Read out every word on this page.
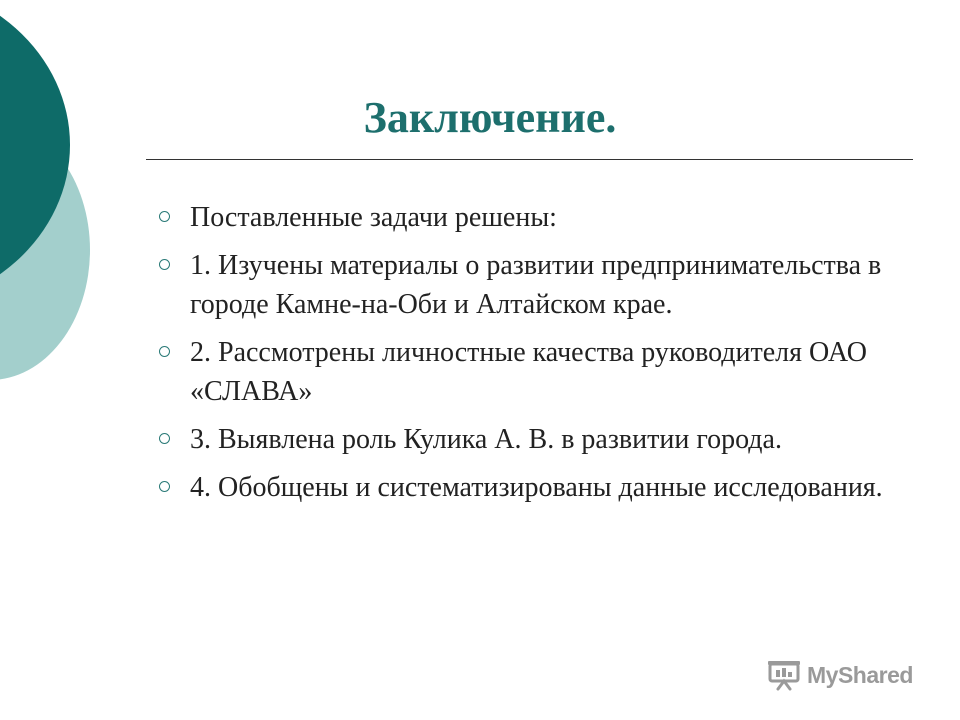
Заключение.
Поставленные задачи решены:
1. Изучены материалы о развитии предпринимательства в городе Камне-на-Оби и Алтайском крае.
2. Рассмотрены личностные качества руководителя ОАО «СЛАВА»
3. Выявлена роль Кулика А. В. в развитии города.
4. Обобщены и систематизированы данные исследования.
MyShared
